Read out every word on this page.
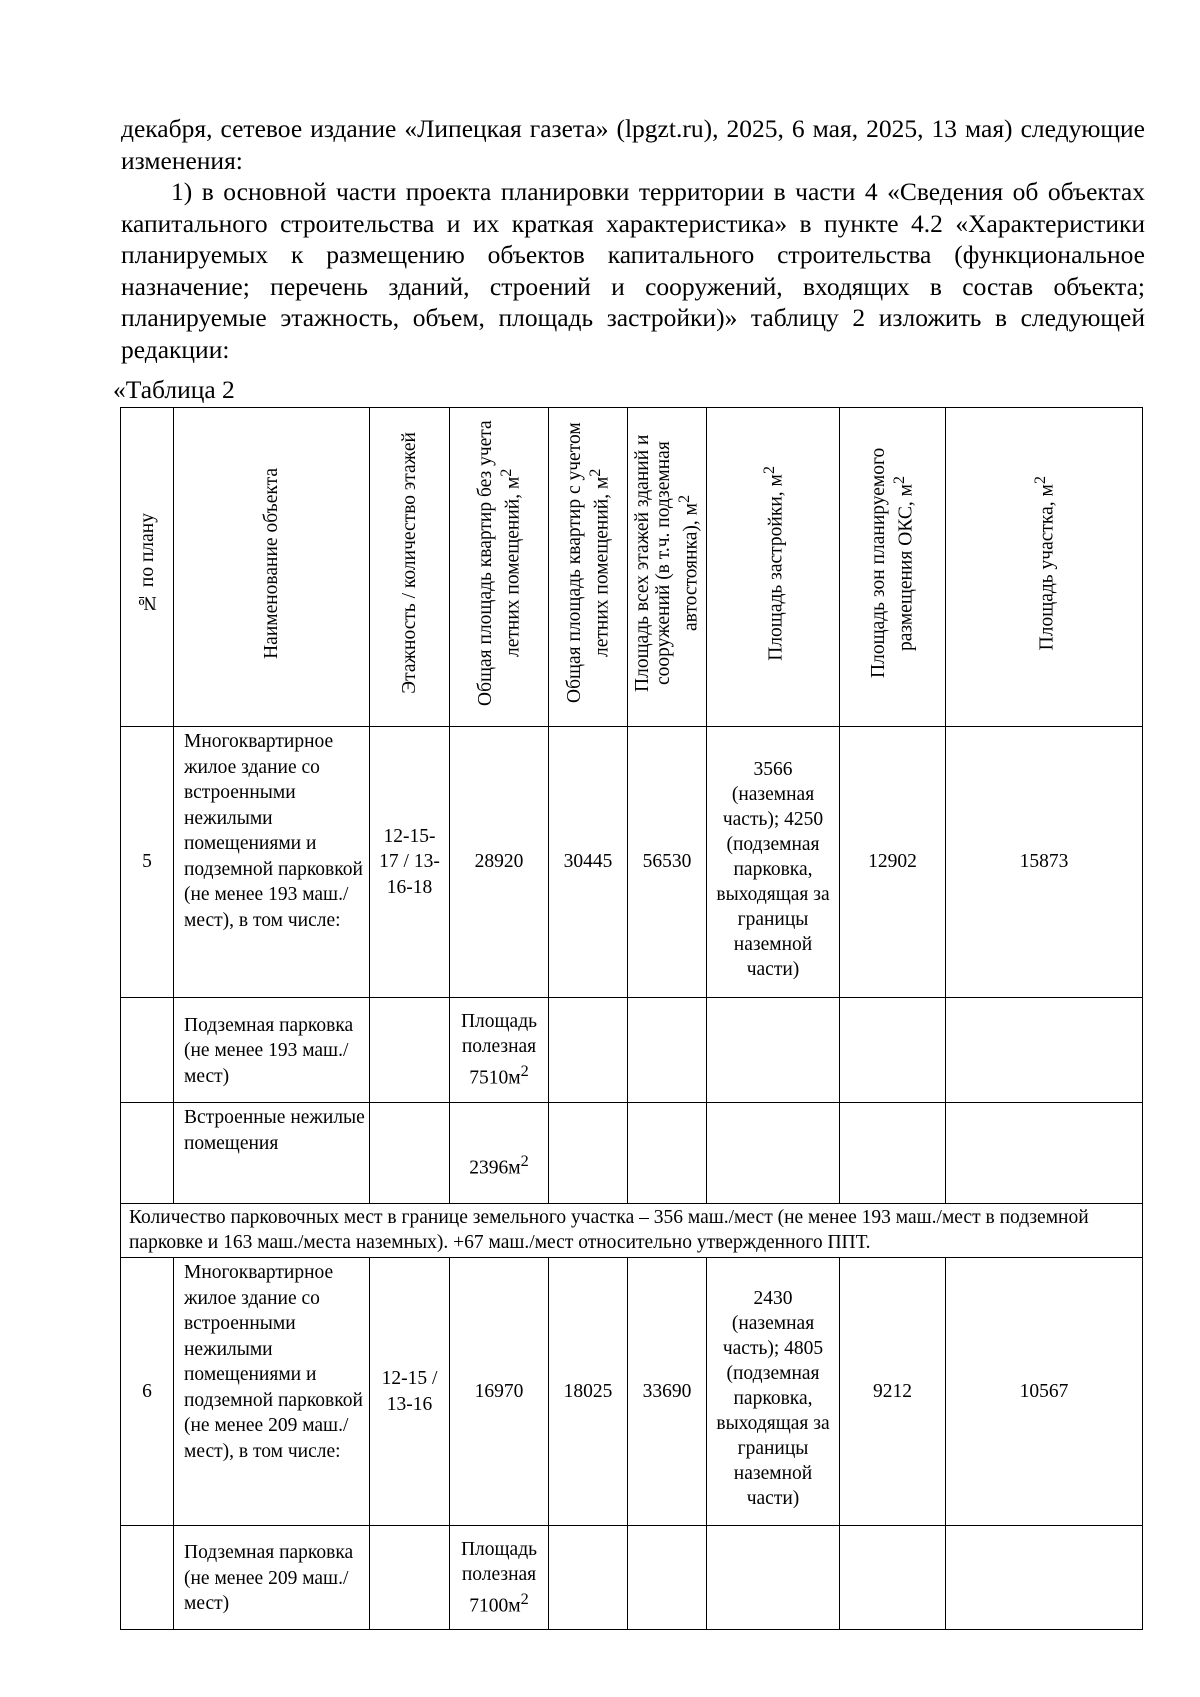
декабря, сетевое издание «Липецкая газета» (lpgzt.ru), 2025, 6 мая, 2025, 13 мая) следующие изменения:

1) в основной части проекта планировки территории в части 4 «Сведения об объектах капитального строительства и их краткая характеристика» в пункте 4.2 «Характеристики планируемых к размещению объектов капитального строительства (функциональное назначение; перечень зданий, строений и сооружений, входящих в состав объекта; планируемые этажность, объем, площадь застройки)» таблицу 2 изложить в следующей редакции:

«Таблица 2
№ по плану	Наименование объекта	Этажность / количество этажей	Общая площадь квартир без учета летних помещений, $м^2$	Общая площадь квартир с учетом летних помещений, $м^2$	Площадь всех этажей зданий и сооружений (в т.ч. подземная автостоянка), $м^2$	Площадь застройки, $м^2$	Площадь зон планируемого размещения ОКС, $м^2$	Площадь участка, $м^2$
5	Многоквартирное жилое здание со встроенными нежилыми помещениями и подземной парковкой (не менее 193 маш./мест), в том числе:	12-15-17 / 13-16-18	28920	30445	56530	3566 (наземная часть); 4250 (подземная парковка, выходящая за границы наземной части)	12902	15873
	Подземная парковка (не менее 193 маш./мест)		Площадь полезная $7510м^2$					
	Встроенные нежилые помещения		$2396м^2$					
Количество парковочных мест в границе земельного участка – 356 маш./мест (не менее 193 маш./мест в подземной парковке и 163 маш./места наземных). +67 маш./мест относительно утвержденного ППТ.								
6	Многоквартирное жилое здание со встроенными нежилыми помещениями и подземной парковкой (не менее 209 маш./мест), в том числе:	12-15 / 13-16	16970	18025	33690	2430 (наземная часть); 4805 (подземная парковка, выходящая за границы наземной части)	9212	10567
	Подземная парковка (не менее 209 маш./мест)		Площадь полезная $7100м^2$					
